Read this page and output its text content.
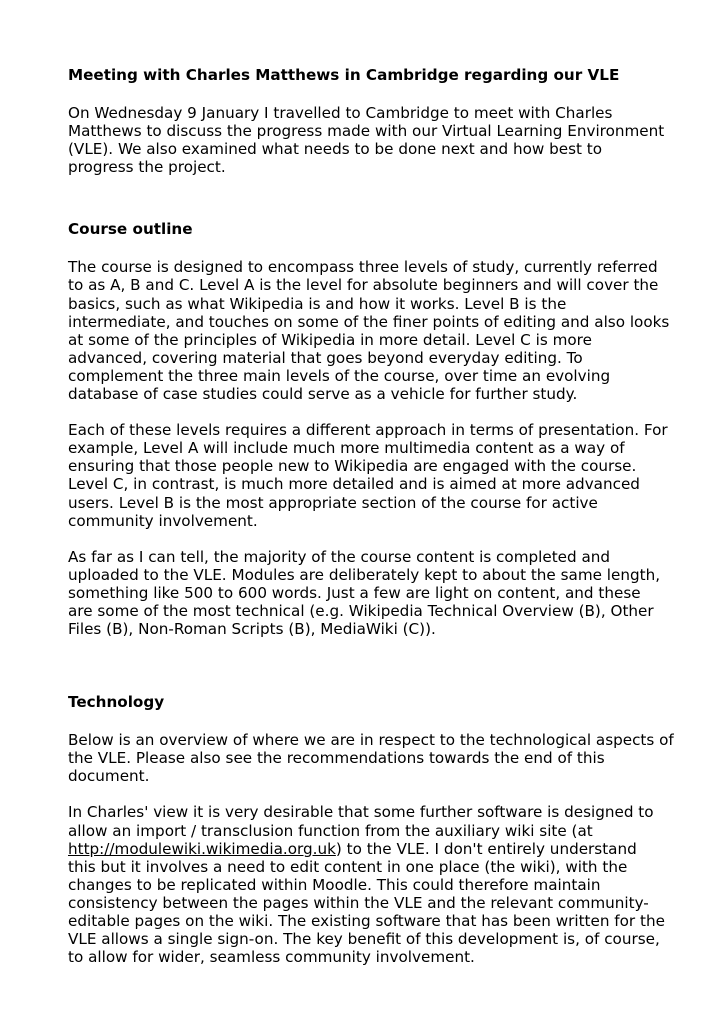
Meeting with Charles Matthews in Cambridge regarding our VLE

On Wednesday 9 January I travelled to Cambridge to meet with Charles
Matthews to discuss the progress made with our Virtual Learning Environment
(VLE). We also examined what needs to be done next and how best to
progress the project.

Course outline

The course is designed to encompass three levels of study, currently referred
to as A, B and C. Level A is the level for absolute beginners and will cover the
basics, such as what Wikipedia is and how it works. Level B is the
intermediate, and touches on some of the finer points of editing and also looks
at some of the principles of Wikipedia in more detail. Level C is more
advanced, covering material that goes beyond everyday editing. To
complement the three main levels of the course, over time an evolving
database of case studies could serve as a vehicle for further study.

Each of these levels requires a different approach in terms of presentation. For
example, Level A will include much more multimedia content as a way of
ensuring that those people new to Wikipedia are engaged with the course.
Level C, in contrast, is much more detailed and is aimed at more advanced
users. Level B is the most appropriate section of the course for active
community involvement.

As far as I can tell, the majority of the course content is completed and
uploaded to the VLE. Modules are deliberately kept to about the same length,
something like 500 to 600 words. Just a few are light on content, and these
are some of the most technical (e.g. Wikipedia Technical Overview (B), Other
Files (B), Non-Roman Scripts (B), MediaWiki (C)).

Technology

Below is an overview of where we are in respect to the technological aspects of
the VLE. Please also see the recommendations towards the end of this
document.

In Charles' view it is very desirable that some further software is designed to
allow an import / transclusion function from the auxiliary wiki site (at
http://modulewiki.wikimedia.org.uk) to the VLE. I don't entirely understand
this but it involves a need to edit content in one place (the wiki), with the
changes to be replicated within Moodle. This could therefore maintain
consistency between the pages within the VLE and the relevant community-
editable pages on the wiki. The existing software that has been written for the
VLE allows a single sign-on. The key benefit of this development is, of course,
to allow for wider, seamless community involvement.
